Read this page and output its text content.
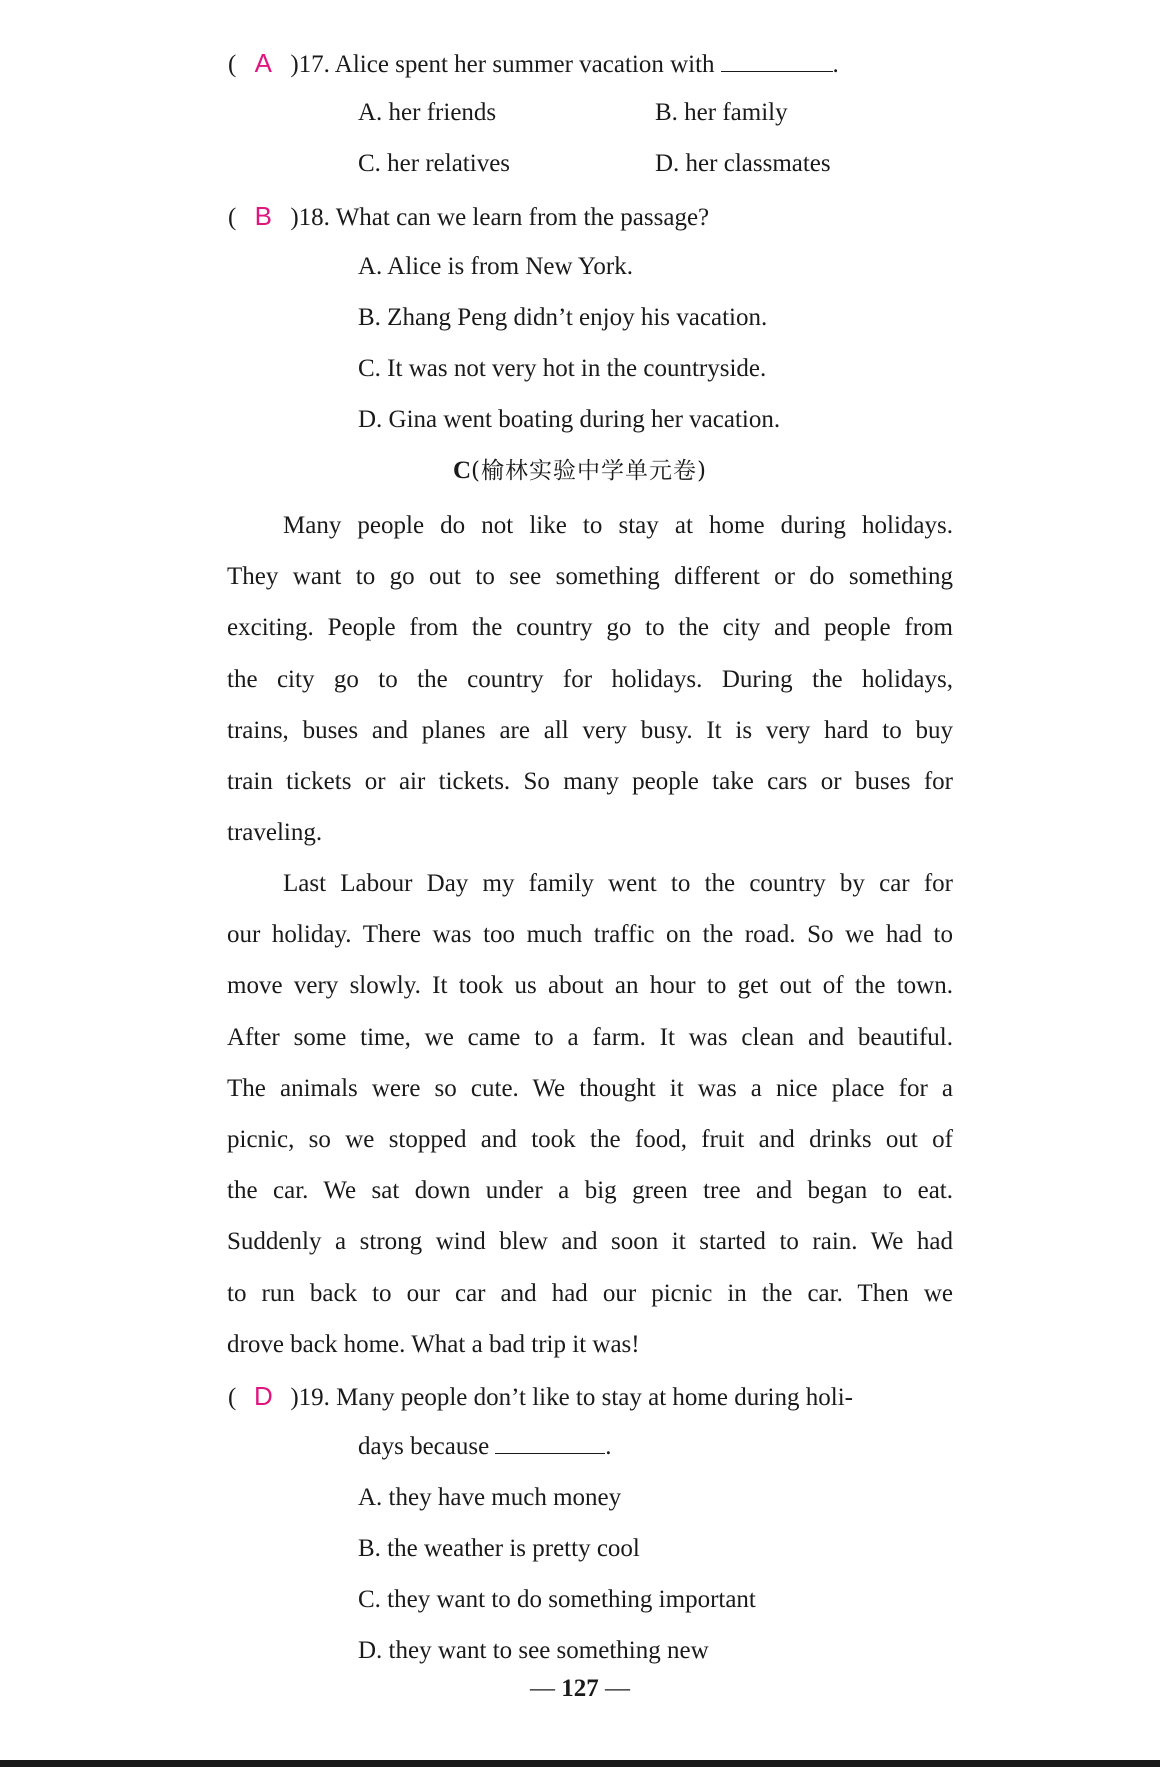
( A )17. Alice spent her summer vacation with	.
A. her friends	B. her family
C. her relatives	D. her classmates
( B )18. What can we learn from the passage?
A. Alice is from New York.
B. Zhang Peng didn’t enjoy his vacation.
C. It was not very hot in the countryside.
D. Gina went boating during her vacation.
C(榆林实验中学单元卷)
Many people do not like to stay at home during holidays.
They want to go out to see something different or do something
exciting. People from the country go to the city and people from
the city go to the country for holidays. During the holidays,
trains, buses and planes are all very busy. It is very hard to buy
train tickets or air tickets. So many people take cars or buses for
traveling.
Last Labour Day my family went to the country by car for
our holiday. There was too much traffic on the road. So we had to
move very slowly. It took us about an hour to get out of the town.
After some time, we came to a farm. It was clean and beautiful.
The animals were so cute. We thought it was a nice place for a
picnic, so we stopped and took the food, fruit and drinks out of
the car. We sat down under a big green tree and began to eat.
Suddenly a strong wind blew and soon it started to rain. We had
to run back to our car and had our picnic in the car. Then we
drove back home. What a bad trip it was!
( D )19. Many people don’t like to stay at home during holi-
days because	.
A. they have much money
B. the weather is pretty cool
C. they want to do something important
D. they want to see something new
— 127 —
